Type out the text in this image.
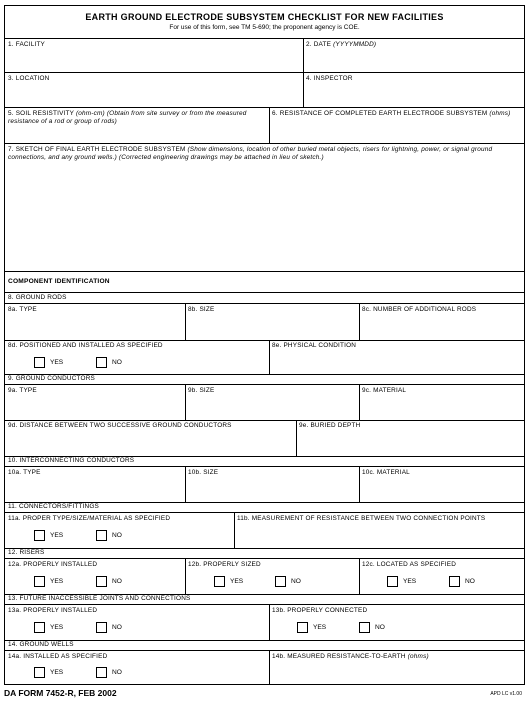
EARTH GROUND ELECTRODE SUBSYSTEM CHECKLIST FOR NEW FACILITIES
For use of this form, see TM 5-690; the proponent agency is COE.
1. FACILITY	2. DATE (YYYYMMDD)
3. LOCATION	4. INSPECTOR
5. SOIL RESISTIVITY (ohm-cm) (Obtain from site survey or from the measured resistance of a rod or group of rods)
6. RESISTANCE OF COMPLETED EARTH ELECTRODE SUBSYSTEM (ohms)
7. SKETCH OF FINAL EARTH ELECTRODE SUBSYSTEM (Show dimensions, location of other buried metal objects, risers for lightning, power, or signal ground connections, and any ground wells.) (Corrected engineering drawings may be attached in lieu of sketch.)
COMPONENT IDENTIFICATION
8. GROUND RODS
8a. TYPE	8b. SIZE	8c. NUMBER OF ADDITIONAL RODS
8d. POSITIONED AND INSTALLED AS SPECIFIED
YES	NO
8e. PHYSICAL CONDITION
9. GROUND CONDUCTORS
9a. TYPE	9b. SIZE	9c. MATERIAL
9d. DISTANCE BETWEEN TWO SUCCESSIVE GROUND CONDUCTORS	9e. BURIED DEPTH
10. INTERCONNECTING CONDUCTORS
10a. TYPE	10b. SIZE	10c. MATERIAL
11. CONNECTORS/FITTINGS
11a. PROPER TYPE/SIZE/MATERIAL AS SPECIFIED
YES	NO
11b. MEASUREMENT OF RESISTANCE BETWEEN TWO CONNECTION POINTS
12. RISERS
12a. PROPERLY INSTALLED
YES	NO
12b. PROPERLY SIZED
YES	NO
12c. LOCATED AS SPECIFIED
YES	NO
13. FUTURE INACCESSIBLE JOINTS AND CONNECTIONS
13a. PROPERLY INSTALLED
YES	NO
13b. PROPERLY CONNECTED
YES	NO
14. GROUND WELLS
14a. INSTALLED AS SPECIFIED
YES	NO
14b. MEASURED RESISTANCE-TO-EARTH (ohms)
DA FORM 7452-R, FEB 2002	APD LC v1.00
